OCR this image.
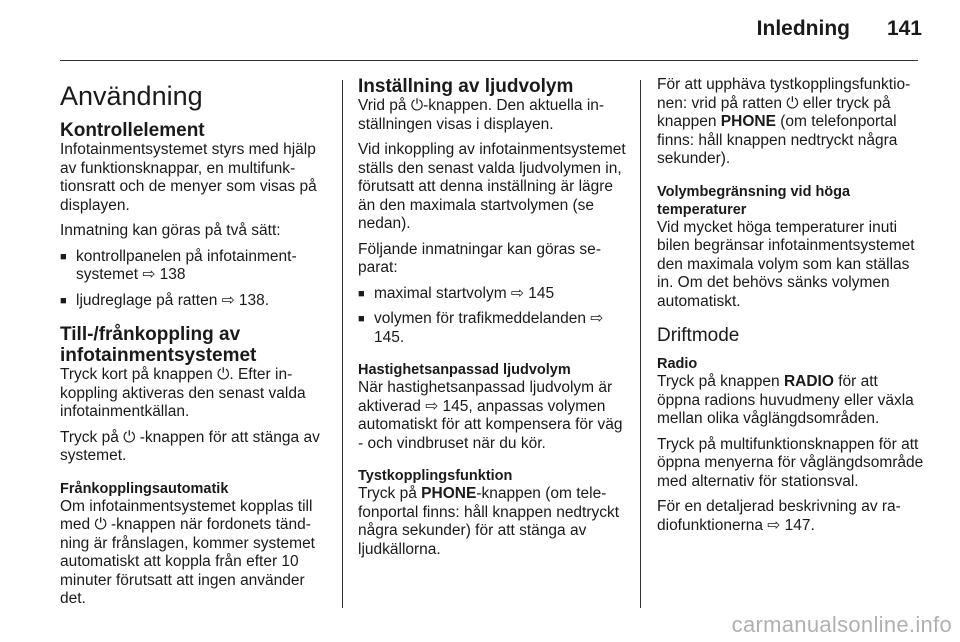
Inledning 141
Användning
Kontrollelement

Infotainmentsystemet styrs med hjälp av funktionsknappar, en multifunktionsratt och de menyer som visas på displayen.

Inmatning kan göras på två sätt:

■ kontrollpanelen på infotainmentsystemet ⇨ 138
■ ljudreglage på ratten ⇨ 138.
Till-/frånkoppling av infotainmentsystemet

Tryck kort på knappen ⏻. Efter inkoppling aktiveras den senast valda infotainmentkällan.

Tryck på ⏻ -knappen för att stänga av systemet.

Frånkopplingsautomatik

Om infotainmentsystemet kopplas till med ⏻ -knappen när fordonets tändning är frånslagen, kommer systemet automatiskt att koppla från efter 10 minuter förutsatt att ingen använder det.

Inställning av ljudvolym

Vrid på ⏻-knappen. Den aktuella inställningen visas i displayen.

Vid inkoppling av infotainmentsystemet ställs den senast valda ljudvolymen in, förutsatt att denna inställning är lägre än den maximala startvolymen (se nedan).

Följande inmatningar kan göras separat:

■ maximal startvolym ⇨ 145
■ volymen för trafikmeddelanden ⇨ 145.
Hastighetsanpassad ljudvolym

När hastighetsanpassad ljudvolym är aktiverad ⇨ 145, anpassas volymen automatiskt för att kompensera för väg - och vindbruset när du kör.

Tystkopplingsfunktion

Tryck på PHONE-knappen (om telefonportal finns: håll knappen nedtryckt några sekunder) för att stänga av ljudkällorna.

För att upphäva tystkopplingsfunktionen: vrid på ratten ⏻ eller tryck på knappen PHONE (om telefonportal finns: håll knappen nedtryckt några sekunder).

Volymbegränsning vid höga temperaturer

Vid mycket höga temperaturer inuti bilen begränsar infotainmentsystemet den maximala volym som kan ställas in. Om det behövs sänks volymen automatiskt.

Driftmode
Radio

Tryck på knappen RADIO för att öppna radions huvudmeny eller växla mellan olika våglängdsområden.

Tryck på multifunktionsknappen för att öppna menyerna för våglängdsområde med alternativ för stationsval.

För en detaljerad beskrivning av radiofunktionerna ⇨ 147.

carmanualsonline.info
